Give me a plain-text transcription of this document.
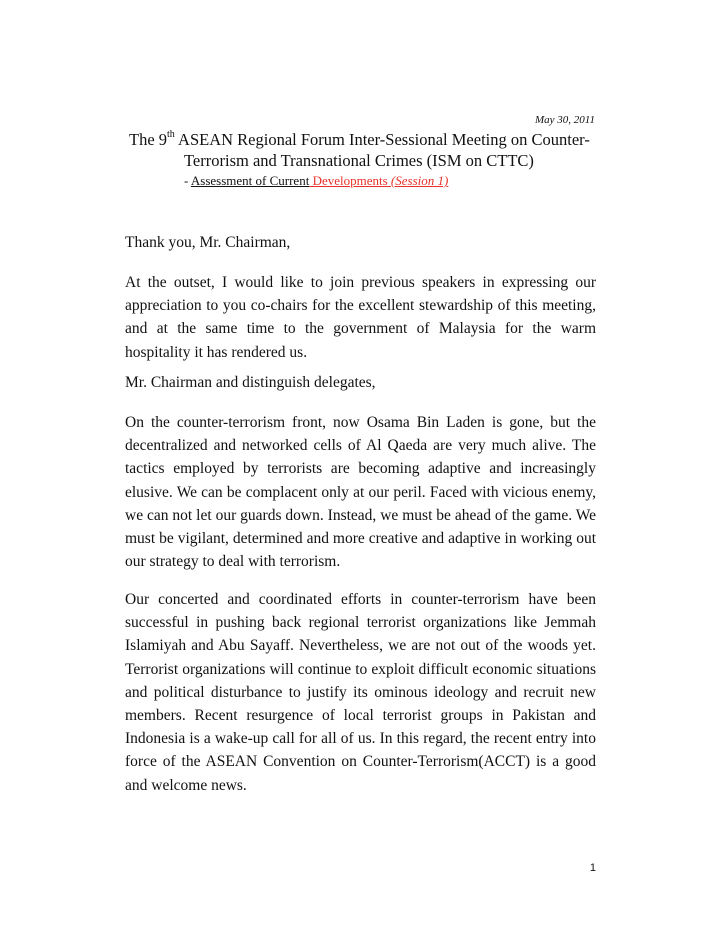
May 30, 2011
The 9th ASEAN Regional Forum Inter-Sessional Meeting on Counter-
Terrorism and Transnational Crimes (ISM on CTTC)
- Assessment of Current Developments (Session 1)
Thank you, Mr. Chairman,
At the outset, I would like to join previous speakers in expressing our appreciation to you co-chairs for the excellent stewardship of this meeting, and at the same time to the government of Malaysia for the warm hospitality it has rendered us.
Mr. Chairman and distinguish delegates,
On the counter-terrorism front, now Osama Bin Laden is gone, but the decentralized and networked cells of Al Qaeda are very much alive. The tactics employed by terrorists are becoming adaptive and increasingly elusive. We can be complacent only at our peril. Faced with vicious enemy, we can not let our guards down. Instead, we must be ahead of the game. We must be vigilant, determined and more creative and adaptive in working out our strategy to deal with terrorism.
Our concerted and coordinated efforts in counter-terrorism have been successful in pushing back regional terrorist organizations like Jemmah Islamiyah and Abu Sayaff. Nevertheless, we are not out of the woods yet. Terrorist organizations will continue to exploit difficult economic situations and political disturbance to justify its ominous ideology and recruit new members. Recent resurgence of local terrorist groups in Pakistan and Indonesia is a wake-up call for all of us. In this regard, the recent entry into force of the ASEAN Convention on Counter-Terrorism(ACCT) is a good and welcome news.
1
